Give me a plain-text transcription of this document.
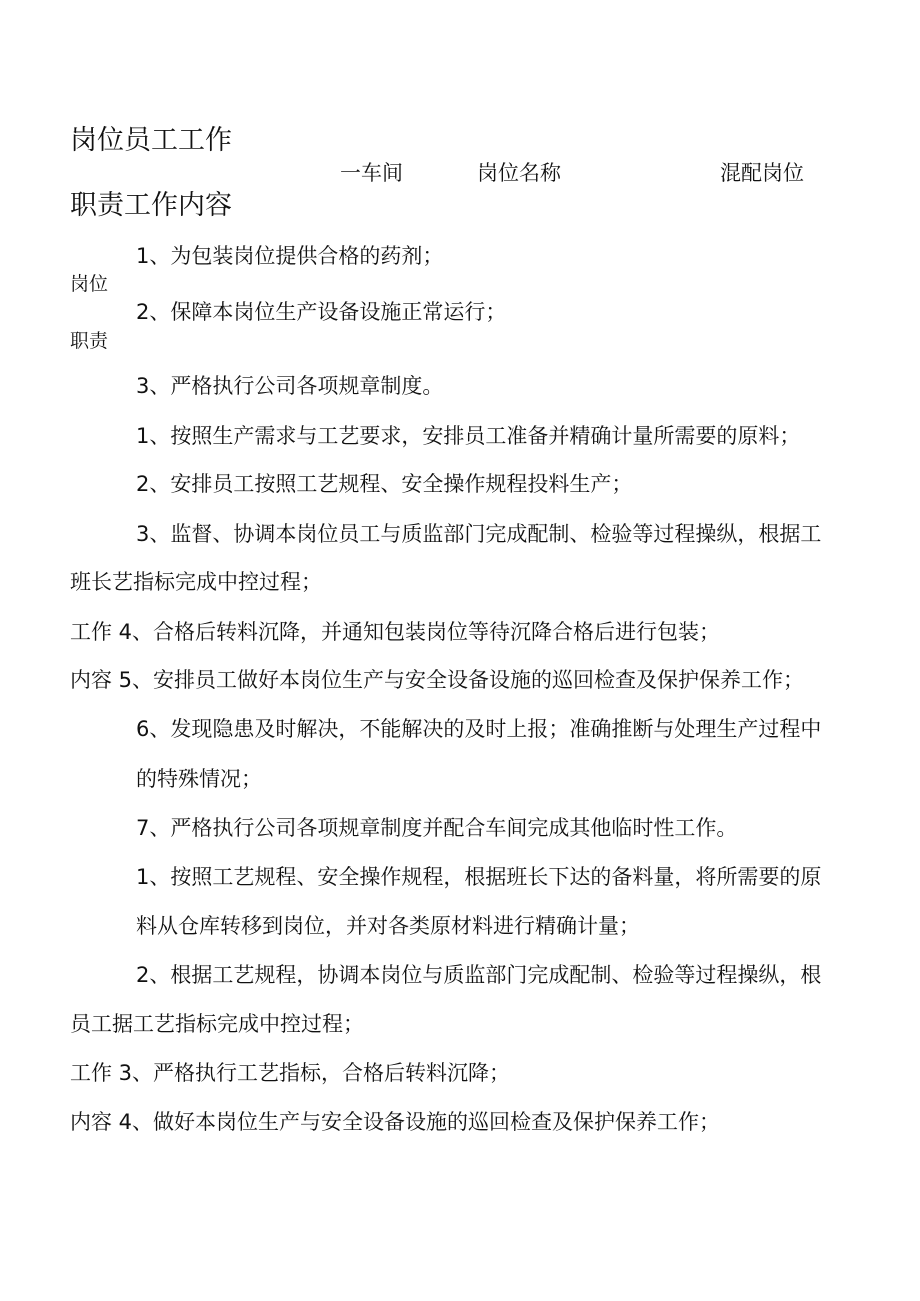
岗位员工工作
一车间	岗位名称	混配岗位
职责工作内容
岗位
职责
1、为包装岗位提供合格的药剂；
2、保障本岗位生产设备设施正常运行；
3、严格执行公司各项规章制度。
1、按照生产需求与工艺要求，安排员工准备并精确计量所需要的原料；
2、安排员工按照工艺规程、安全操作规程投料生产；
3、监督、协调本岗位员工与质监部门完成配制、检验等过程操纵，根据工
班长艺指标完成中控过程；
工作 4、合格后转料沉降，并通知包装岗位等待沉降合格后进行包装；
内容 5、安排员工做好本岗位生产与安全设备设施的巡回检查及保护保养工作；
6、发现隐患及时解决，不能解决的及时上报；准确推断与处理生产过程中
的特殊情况；
7、严格执行公司各项规章制度并配合车间完成其他临时性工作。
1、按照工艺规程、安全操作规程，根据班长下达的备料量，将所需要的原
料从仓库转移到岗位，并对各类原材料进行精确计量；
2、根据工艺规程，协调本岗位与质监部门完成配制、检验等过程操纵，根
员工据工艺指标完成中控过程；
工作 3、严格执行工艺指标，合格后转料沉降；
内容 4、做好本岗位生产与安全设备设施的巡回检查及保护保养工作；
